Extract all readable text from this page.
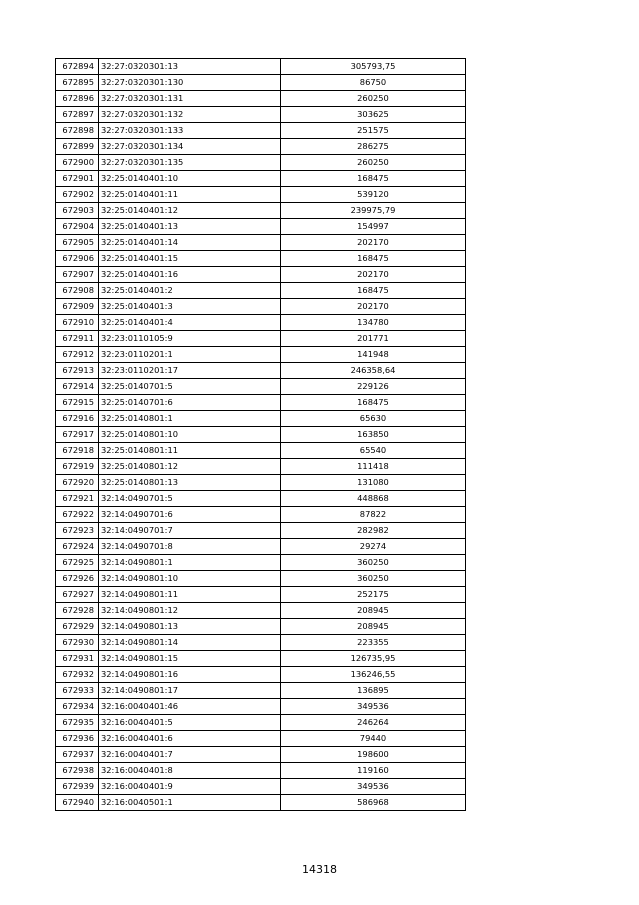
672894	32:27:0320301:13	305793,75
672895	32:27:0320301:130	86750
672896	32:27:0320301:131	260250
672897	32:27:0320301:132	303625
672898	32:27:0320301:133	251575
672899	32:27:0320301:134	286275
672900	32:27:0320301:135	260250
672901	32:25:0140401:10	168475
672902	32:25:0140401:11	539120
672903	32:25:0140401:12	239975,79
672904	32:25:0140401:13	154997
672905	32:25:0140401:14	202170
672906	32:25:0140401:15	168475
672907	32:25:0140401:16	202170
672908	32:25:0140401:2	168475
672909	32:25:0140401:3	202170
672910	32:25:0140401:4	134780
672911	32:23:0110105:9	201771
672912	32:23:0110201:1	141948
672913	32:23:0110201:17	246358,64
672914	32:25:0140701:5	229126
672915	32:25:0140701:6	168475
672916	32:25:0140801:1	65630
672917	32:25:0140801:10	163850
672918	32:25:0140801:11	65540
672919	32:25:0140801:12	111418
672920	32:25:0140801:13	131080
672921	32:14:0490701:5	448868
672922	32:14:0490701:6	87822
672923	32:14:0490701:7	282982
672924	32:14:0490701:8	29274
672925	32:14:0490801:1	360250
672926	32:14:0490801:10	360250
672927	32:14:0490801:11	252175
672928	32:14:0490801:12	208945
672929	32:14:0490801:13	208945
672930	32:14:0490801:14	223355
672931	32:14:0490801:15	126735,95
672932	32:14:0490801:16	136246,55
672933	32:14:0490801:17	136895
672934	32:16:0040401:46	349536
672935	32:16:0040401:5	246264
672936	32:16:0040401:6	79440
672937	32:16:0040401:7	198600
672938	32:16:0040401:8	119160
672939	32:16:0040401:9	349536
672940	32:16:0040501:1	586968
14318
